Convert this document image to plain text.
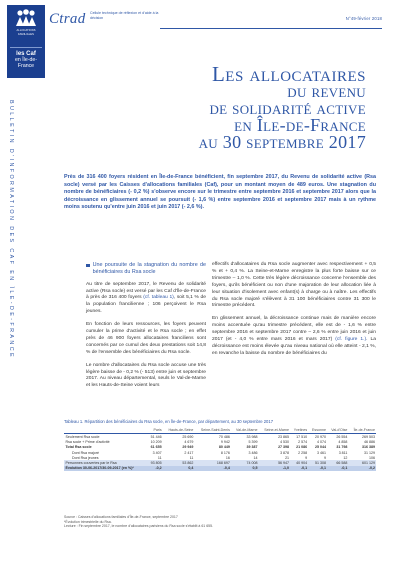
ALLOCATIONS
FAMILIALES
les Caf
en Île-de-France
Ctrad Cellule technique de réflexion et d'aide à la décision	N°49-février 2018
BULLETIN D'INFORMATION DES CAF EN ÎLE-DE-FRANCE
Les allocataires
du revenu
de solidarité active
en Île-de-France
au 30 septembre 2017
Près de 316 400 foyers résident en Île-de-France bénéficient, fin septembre 2017, du Revenu de solidarité active (Rsa socle) versé par les Caisses d'allocations familiales (Caf), pour un montant moyen de 489 euros. Une stagnation du nombre de bénéficiaires (- 0,2 %) s'observe encore sur le trimestre entre septembre 2016 et septembre 2017 alors que la décroissance en glissement annuel se poursuit (- 1,6 %) entre septembre 2016 et septembre 2017 mais à un rythme moins soutenu qu'entre juin 2016 et juin 2017 (- 2,6 %).
Une poursuite de la stagnation du nombre de bénéficiaires du Rsa socle

Au titre de septembre 2017, le Revenu de solidarité active (Rsa socle) est versé par les Caf d'Île-de-France à près de 316 400 foyers (cf. tableau 1), soit 5,1 % de la population francilienne ; 106 perçoivent le Rsa jeunes.

En fonction de leurs ressources, les foyers peuvent cumuler la prime d'activité et le Rsa socle ; en effet près de 46 900 foyers allocataires franciliens sont concernés par ce cumul des deux prestations soit 14,8 % de l'ensemble des bénéficiaires du Rsa socle.

Le nombre d'allocataires du Rsa socle accuse une très légère baisse de - 0,2 % (- 513) entre juin et septembre 2017. Au niveau départemental, seuls le Val-de-Marne et les Hauts-de-Seine voient leurs

effectifs d'allocataires du Rsa socle augmenter avec respectivement + 0,5 % et + 0,4 %. La Seine-et-Marne enregistre la plus forte baisse sur ce trimestre – 1,0 %. Cette très légère décroissance concerne l'ensemble des foyers, qu'ils bénéficient ou non d'une majoration de leur allocation liée à leur situation d'isolement avec enfant(s) à charge ou à naître. Les effectifs du Rsa socle majoré s'élèvent à 31 100 bénéficiaires contre 31 300 le trimestre précédent.

En glissement annuel, la décroissance continue mais de manière encore moins accentuée qu'au trimestre précédent, elle est de - 1,6 % entre septembre 2016 et septembre 2017 contre – 2,6 % entre juin 2016 et juin 2017 (et - 4,0 % entre mars 2016 et mars 2017) (cf. figure 1.). La décroissance est moins élevée qu'au niveau national où elle atteint - 2,1 %, en revanche la baisse du nombre de bénéficiaires du

Tableau 1. Répartition des bénéficiaires du Rsa socle, en Île-de-France, par département, au 30 septembre 2017
	Paris	Hauts-de-Seine	Seine-Saint-Denis	Val-de-Marne	Seine-et-Marne	Yvelines	Essonne	Val-d'Oise	Île-de-France
Seulement Rsa socle	51 446	25 690	70 486	33 988	23 865	17 510	20 970	26 554	269 503
Rsa socle + Prime d'activité	10 209	4 679	9 942	5 399	4 530	2 574	4 074	4 858	46 886
Total Rsa socle	61 655	29 949	80 449	39 387	27 398	21 086	25 044	31 798	316 389
Dont Rsa majoré	3 407	2 417	8 176	3 486	3 878	2 258	3 461	3 811	31 129
Dont Rsa jeunes	11	11	16	14	21	9	9	12	106
Personnes couvertes par le Rsa	93 805	53 862	168 697	74 008	56 947	40 904	51 308	66 588	601 129
Évolution 30-06-2017/30-09-2017 (en %)*	-0,2	0,4	-0,4	0,5	-1,0	-0,1	-0,1	-0,1	-0,2
Source : Caisses d'allocations familiales d'Île-de-France, septembre 2017
*Évolution trimestrielle du Rsa.
Lecture : Fin septembre 2017, le nombre d'allocataires parisiens du Rsa socle s'établit à 61 655.
